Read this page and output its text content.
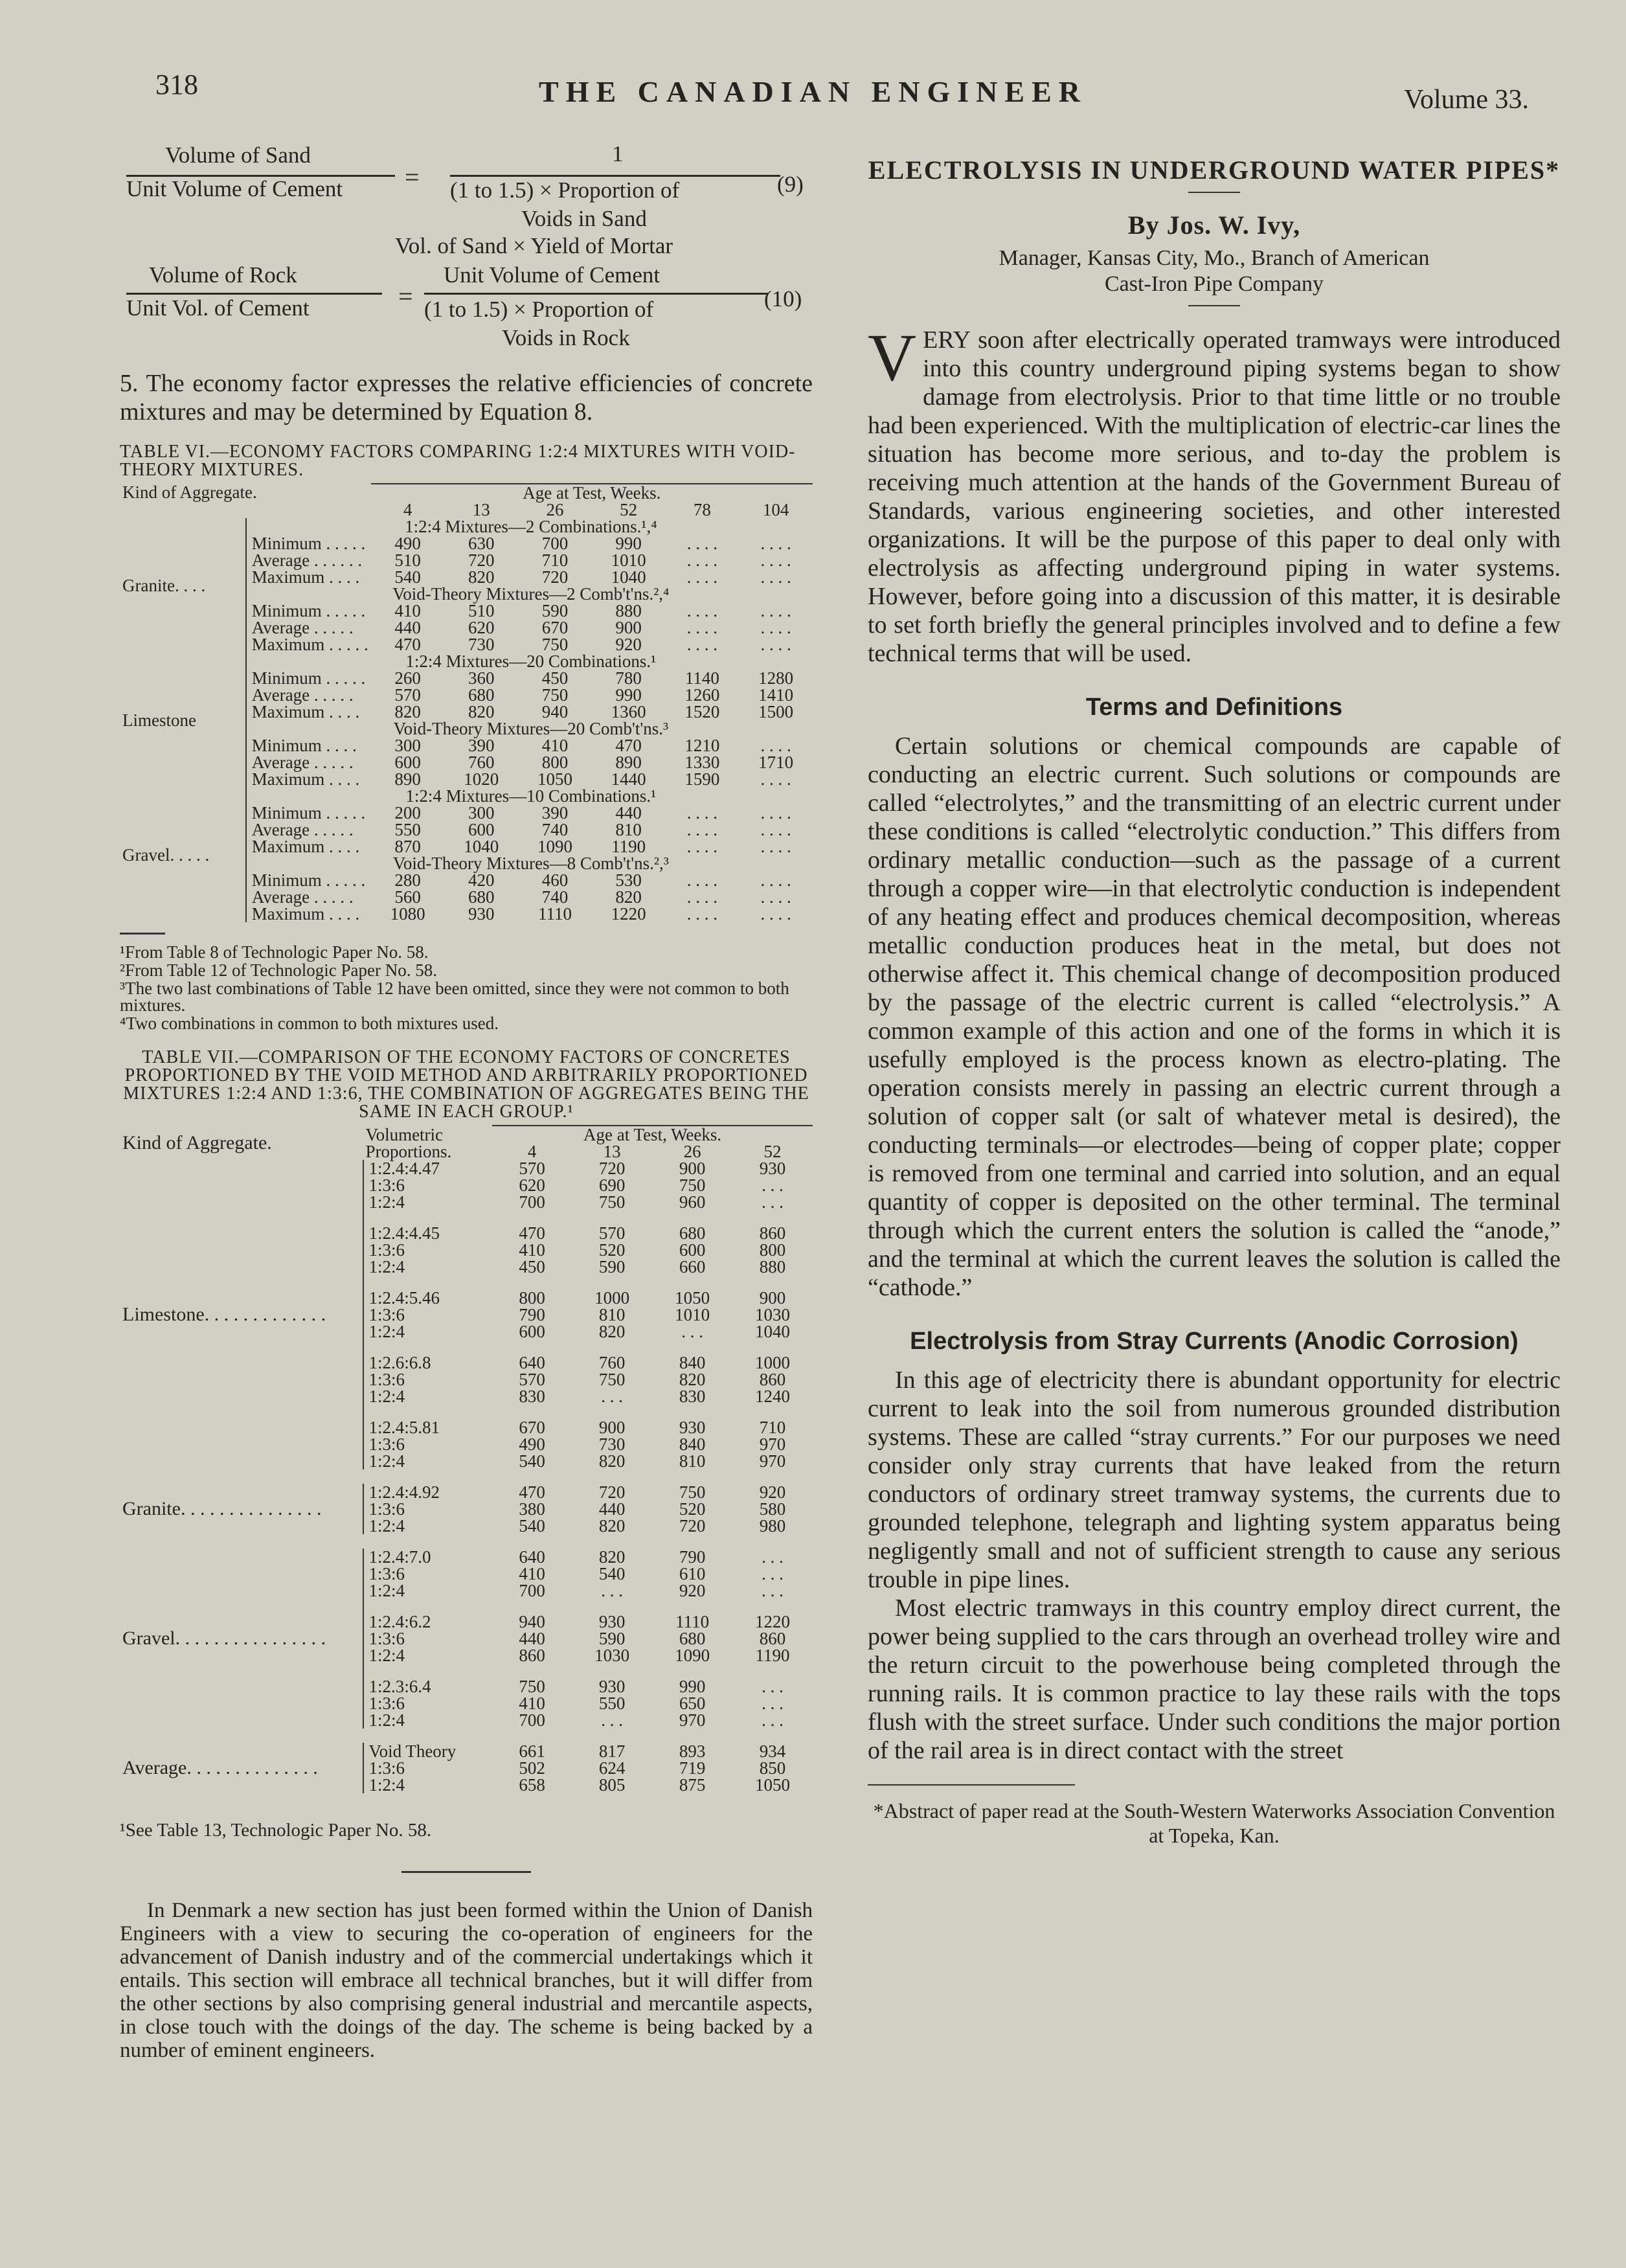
318	THE CANADIAN ENGINEER	Volume 33.
Volume of Sand
Unit Volume of Cement =
1
(1 to 1.5) × Proportion of
Voids in Sand
(9)
Vol. of Sand × Yield of Mortar
Volume of Rock
Unit Vol. of Cement	=
Unit Volume of Cement
(1 to 1.5) × Proportion of
Voids in Rock
(10)

5. The economy factor expresses the relative efficiencies of concrete mixtures and may be determined by Equation 8.

TABLE VI.—ECONOMY FACTORS COMPARING 1:2:4 MIXTURES WITH VOID-THEORY MIXTURES.
Kind of Aggregate.		Age at Test, Weeks.					
		4	13	26	52	78	104
Granite. . . .	1:2:4 Mixtures—2 Combinations.¹,⁴						
	Minimum . . . . .	490	630	700	990	. . . .	. . . .
	Average . . . . . .	510	720	710	1010	. . . .	. . . .
	Maximum . . . .	540	820	720	1040	. . . .	. . . .
	Void-Theory Mixtures—2 Comb't'ns.²,⁴						
	Minimum . . . . .	410	510	590	880	. . . .	. . . .
	Average . . . . .	440	620	670	900	. . . .	. . . .
	Maximum . . . . .	470	730	750	920	. . . .	. . . .
Limestone	1:2:4 Mixtures—20 Combinations.¹						
	Minimum . . . . .	260	360	450	780	1140	1280
	Average . . . . .	570	680	750	990	1260	1410
	Maximum . . . .	820	820	940	1360	1520	1500
	Void-Theory Mixtures—20 Comb't'ns.³						
	Minimum . . . .	300	390	410	470	1210	. . . .
	Average . . . . .	600	760	800	890	1330	1710
	Maximum . . . .	890	1020	1050	1440	1590	. . . .
Gravel. . . . .	1:2:4 Mixtures—10 Combinations.¹						
	Minimum . . . . .	200	300	390	440	. . . .	. . . .
	Average . . . . .	550	600	740	810	. . . .	. . . .
	Maximum . . . .	870	1040	1090	1190	. . . .	. . . .
	Void-Theory Mixtures—8 Comb't'ns.²,³						
	Minimum . . . . .	280	420	460	530	. . . .	. . . .
	Average . . . . .	560	680	740	820	. . . .	. . . .
	Maximum . . . .	1080	930	1110	1220	. . . .	. . . .
¹From Table 8 of Technologic Paper No. 58.
²From Table 12 of Technologic Paper No. 58.
³The two last combinations of Table 12 have been omitted, since they were not common to both mixtures.
⁴Two combinations in common to both mixtures used.
TABLE VII.—COMPARISON OF THE ECONOMY FACTORS OF CONCRETES PROPORTIONED BY THE VOID METHOD AND ARBITRARILY PROPORTIONED MIXTURES 1:2:4 AND 1:3:6, THE COMBINATION OF AGGREGATES BEING THE SAME IN EACH GROUP.¹
Kind of Aggregate.	Volumetric Proportions.	Age at Test, Weeks.			
		4	13	26	52
Limestone. . . . . . . . . . . . .	1:2.4:4.47	570	720	900	930
	1:3:6	620	690	750	. . .
	1:2:4	700	750	960	. . .

	1:2.4:4.45	470	570	680	860
	1:3:6	410	520	600	800
	1:2:4	450	590	660	880

	1:2.4:5.46	800	1000	1050	900
	1:3:6	790	810	1010	1030
	1:2:4	600	820	. . .	1040

	1:2.6:6.8	640	760	840	1000
	1:3:6	570	750	820	860
	1:2:4	830	. . .	830	1240

	1:2.4:5.81	670	900	930	710
	1:3:6	490	730	840	970
	1:2:4	540	820	810	970

Granite. . . . . . . . . . . . . . .	1:2.4:4.92	470	720	750	920
	1:3:6	380	440	520	580
	1:2:4	540	820	720	980

Gravel. . . . . . . . . . . . . . . .	1:2.4:7.0	640	820	790	. . .
	1:3:6	410	540	610	. . .
	1:2:4	700	. . .	920	. . .

	1:2.4:6.2	940	930	1110	1220
	1:3:6	440	590	680	860
	1:2:4	860	1030	1090	1190

	1:2.3:6.4	750	930	990	. . .
	1:3:6	410	550	650	. . .
	1:2:4	700	. . .	970	. . .

Average. . . . . . . . . . . . . .	Void Theory	661	817	893	934
	1:3:6	502	624	719	850
	1:2:4	658	805	875	1050

¹See Table 13, Technologic Paper No. 58.

In Denmark a new section has just been formed within the Union of Danish Engineers with a view to securing the co-operation of engineers for the advancement of Danish industry and of the commercial undertakings which it entails. This section will embrace all technical branches, but it will differ from the other sections by also comprising general industrial and mercantile aspects, in close touch with the doings of the day. The scheme is being backed by a number of eminent engineers.

ELECTROLYSIS IN UNDERGROUND WATER PIPES*
By Jos. W. Ivy,
Manager, Kansas City, Mo., Branch of American
Cast-Iron Pipe Company

VERY soon after electrically operated tramways were introduced into this country underground piping systems began to show damage from electrolysis. Prior to that time little or no trouble had been experienced. With the multiplication of electric-car lines the situation has become more serious, and to-day the problem is receiving much attention at the hands of the Government Bureau of Standards, various engineering societies, and other interested organizations. It will be the purpose of this paper to deal only with electrolysis as affecting underground piping in water systems. However, before going into a discussion of this matter, it is desirable to set forth briefly the general principles involved and to define a few technical terms that will be used.

Terms and Definitions

Certain solutions or chemical compounds are capable of conducting an electric current. Such solutions or compounds are called “electrolytes,” and the transmitting of an electric current under these conditions is called “electrolytic conduction.” This differs from ordinary metallic conduction—such as the passage of a current through a copper wire—in that electrolytic conduction is independent of any heating effect and produces chemical decomposition, whereas metallic conduction produces heat in the metal, but does not otherwise affect it. This chemical change of decomposition produced by the passage of the electric current is called “electrolysis.” A common example of this action and one of the forms in which it is usefully employed is the process known as electro-plating. The operation consists merely in passing an electric current through a solution of copper salt (or salt of whatever metal is desired), the conducting terminals—or electrodes—being of copper plate; copper is removed from one terminal and carried into solution, and an equal quantity of copper is deposited on the other terminal. The terminal through which the current enters the solution is called the “anode,” and the terminal at which the current leaves the solution is called the “cathode.”

Electrolysis from Stray Currents (Anodic Corrosion)

In this age of electricity there is abundant opportunity for electric current to leak into the soil from numerous grounded distribution systems. These are called “stray currents.” For our purposes we need consider only stray currents that have leaked from the return conductors of ordinary street tramway systems, the currents due to grounded telephone, telegraph and lighting system apparatus being negligently small and not of sufficient strength to cause any serious trouble in pipe lines.

Most electric tramways in this country employ direct current, the power being supplied to the cars through an overhead trolley wire and the return circuit to the powerhouse being completed through the running rails. It is common practice to lay these rails with the tops flush with the street surface. Under such conditions the major portion of the rail area is in direct contact with the street

*Abstract of paper read at the South-Western Waterworks Association Convention at Topeka, Kan.
